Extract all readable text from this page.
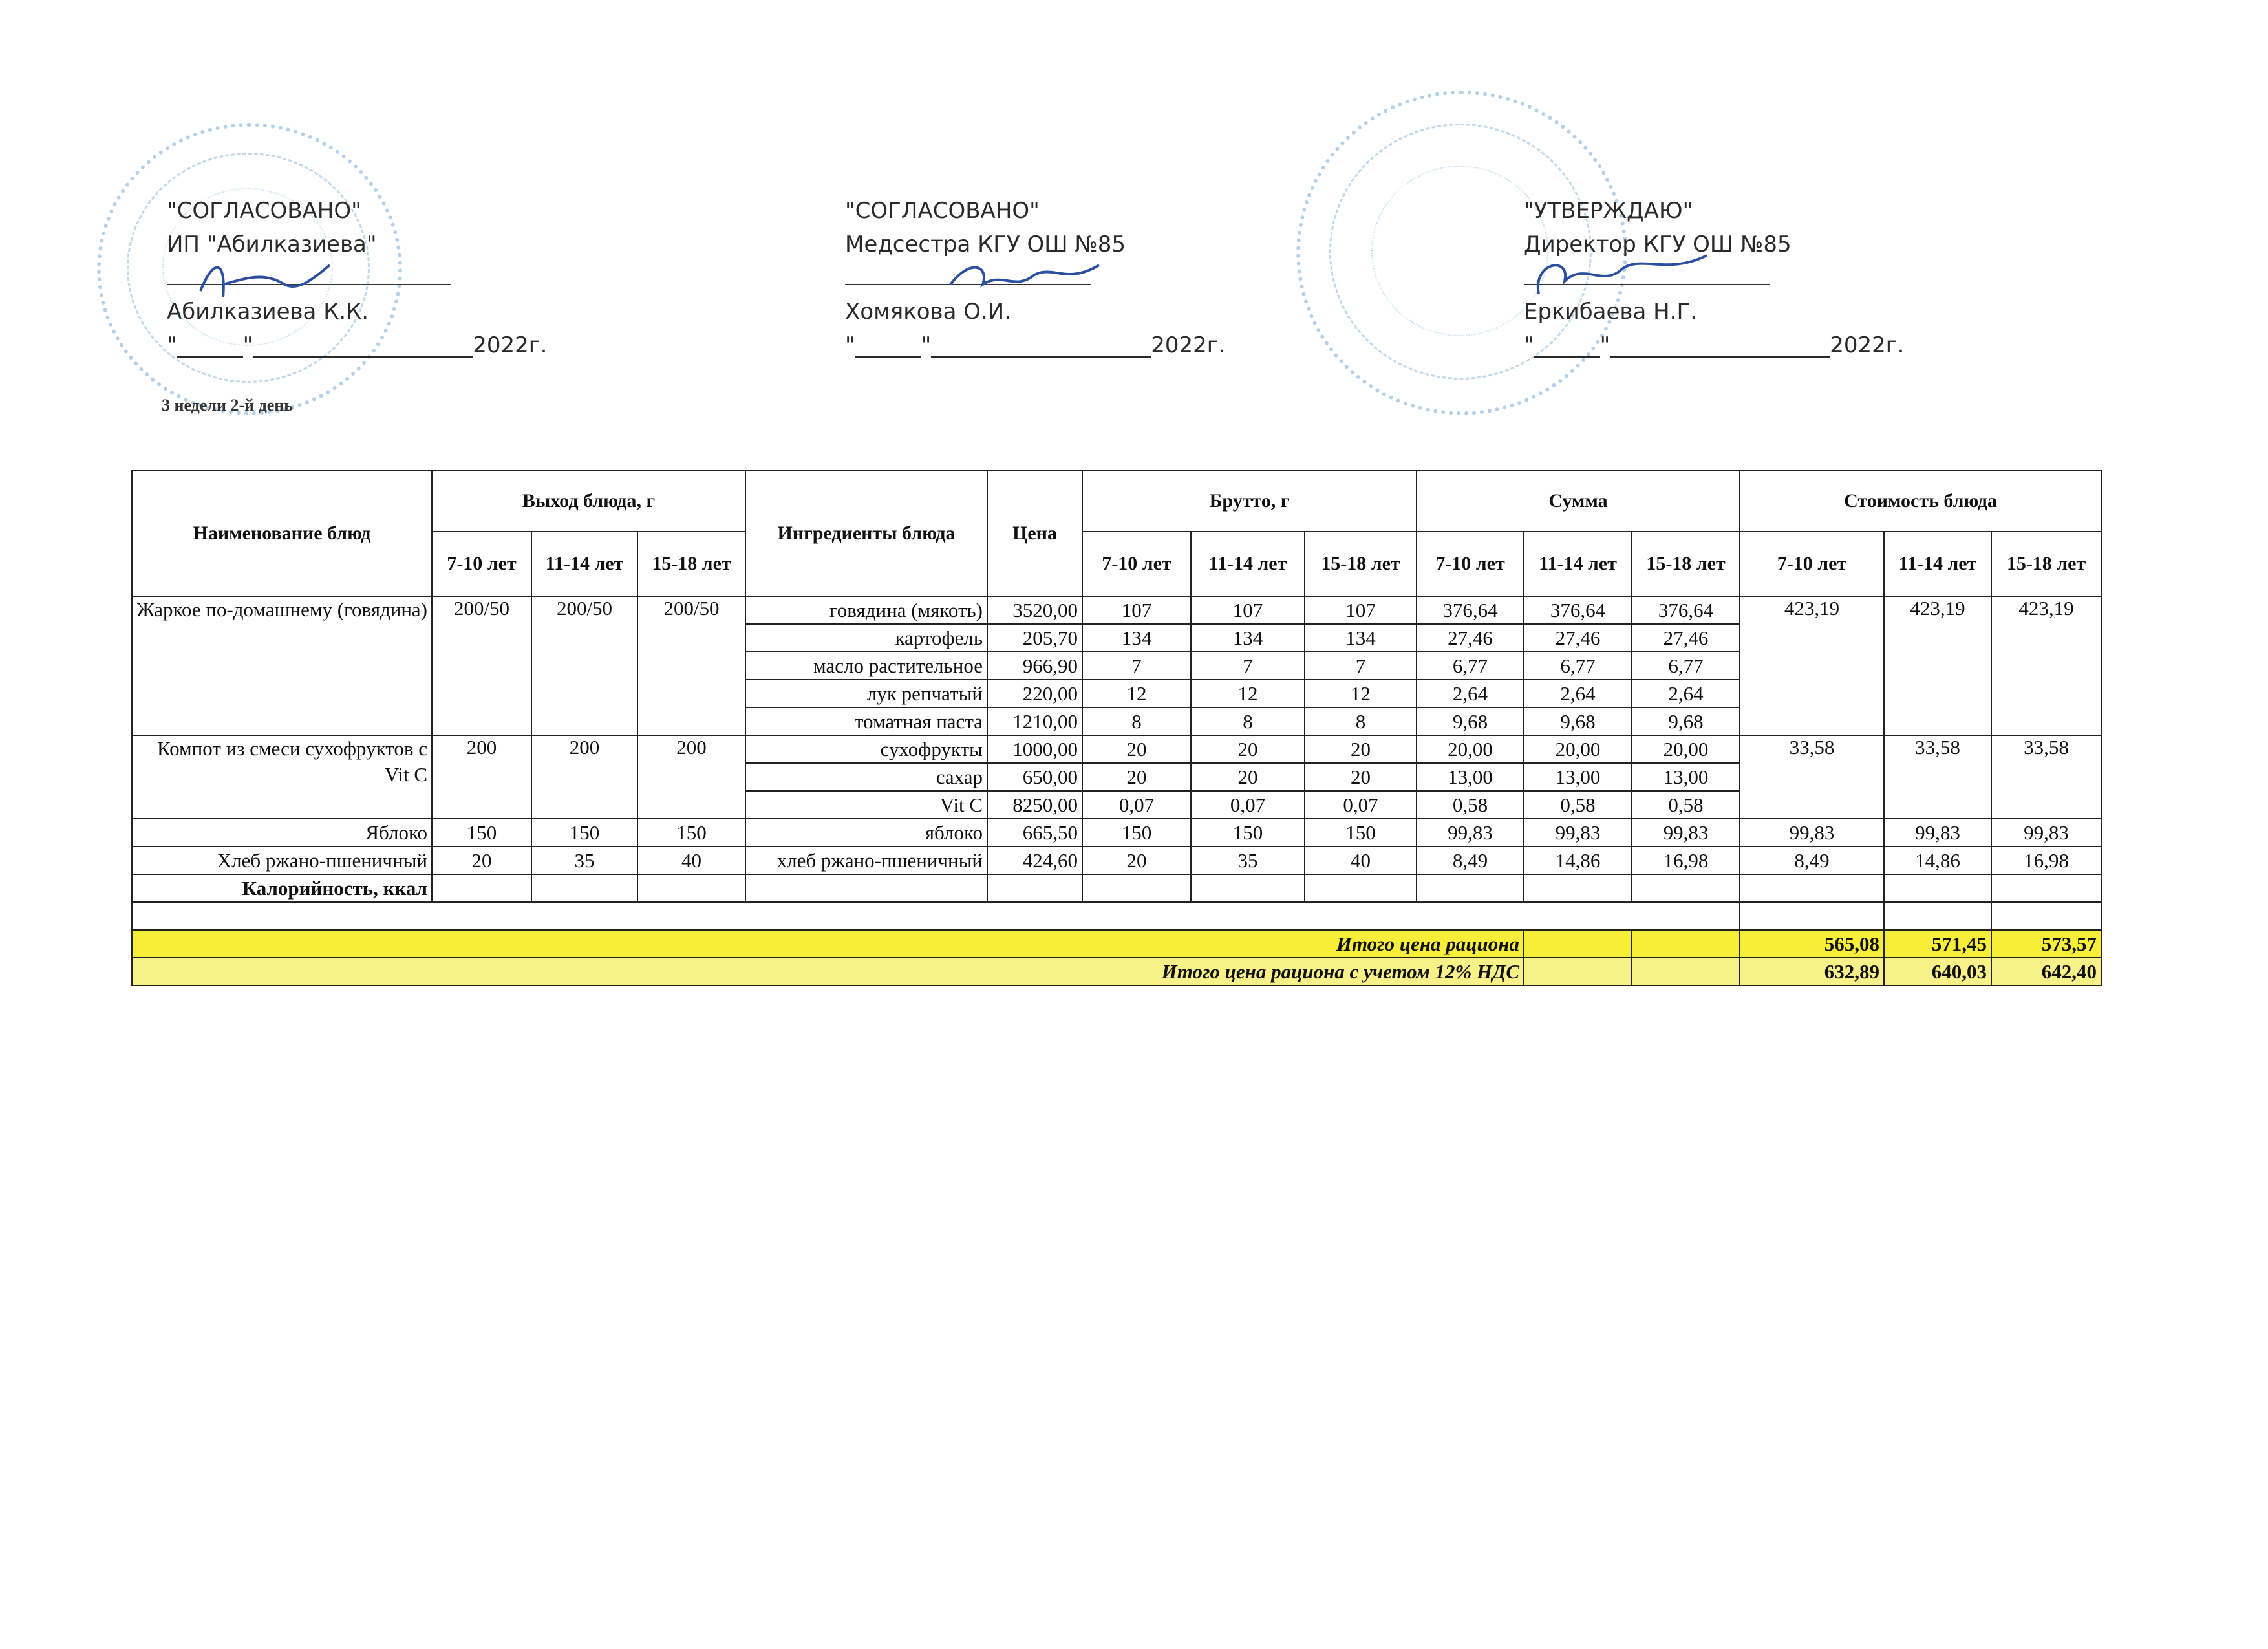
"СОГЛАСОВАНО"
ИП "Абилказиева"
Абилказиева К.К.
"______"____________________2022г.
"СОГЛАСОВАНО"
Медсестра КГУ ОШ №85
Хомякова О.И.
"______"____________________2022г.
"УТВЕРЖДАЮ"
Директор КГУ ОШ №85
Еркибаева Н.Г.
"______"____________________2022г.
3 недели 2-й день
Наименование блюд	Выход блюда, г			Ингредиенты блюда	Цена	Брутто, г			Сумма			Стоимость блюда		
	7-10 лет	11-14 лет	15-18 лет			7-10 лет	11-14 лет	15-18 лет	7-10 лет	11-14 лет	15-18 лет	7-10 лет	11-14 лет	15-18 лет
Жаркое по-домашнему (говядина)	200/50	200/50	200/50	говядина (мякоть)	3520,00	107	107	107	376,64	376,64	376,64	423,19	423,19	423,19
				картофель	205,70	134	134	134	27,46	27,46	27,46			
				масло растительное	966,90	7	7	7	6,77	6,77	6,77			
				лук репчатый	220,00	12	12	12	2,64	2,64	2,64			
				томатная паста	1210,00	8	8	8	9,68	9,68	9,68			
Компот из смеси сухофруктов с Vit C	200	200	200	сухофрукты	1000,00	20	20	20	20,00	20,00	20,00	33,58	33,58	33,58
				сахар	650,00	20	20	20	13,00	13,00	13,00			
				Vit C	8250,00	0,07	0,07	0,07	0,58	0,58	0,58			
Яблоко	150	150	150	яблоко	665,50	150	150	150	99,83	99,83	99,83	99,83	99,83	99,83
Хлеб ржано-пшеничный	20	35	40	хлеб ржано-пшеничный	424,60	20	35	40	8,49	14,86	16,98	8,49	14,86	16,98
Калорийность, ккал														

Итого цена рациона												565,08	571,45	573,57
Итого цена рациона с учетом 12% НДС												632,89	640,03	642,40
